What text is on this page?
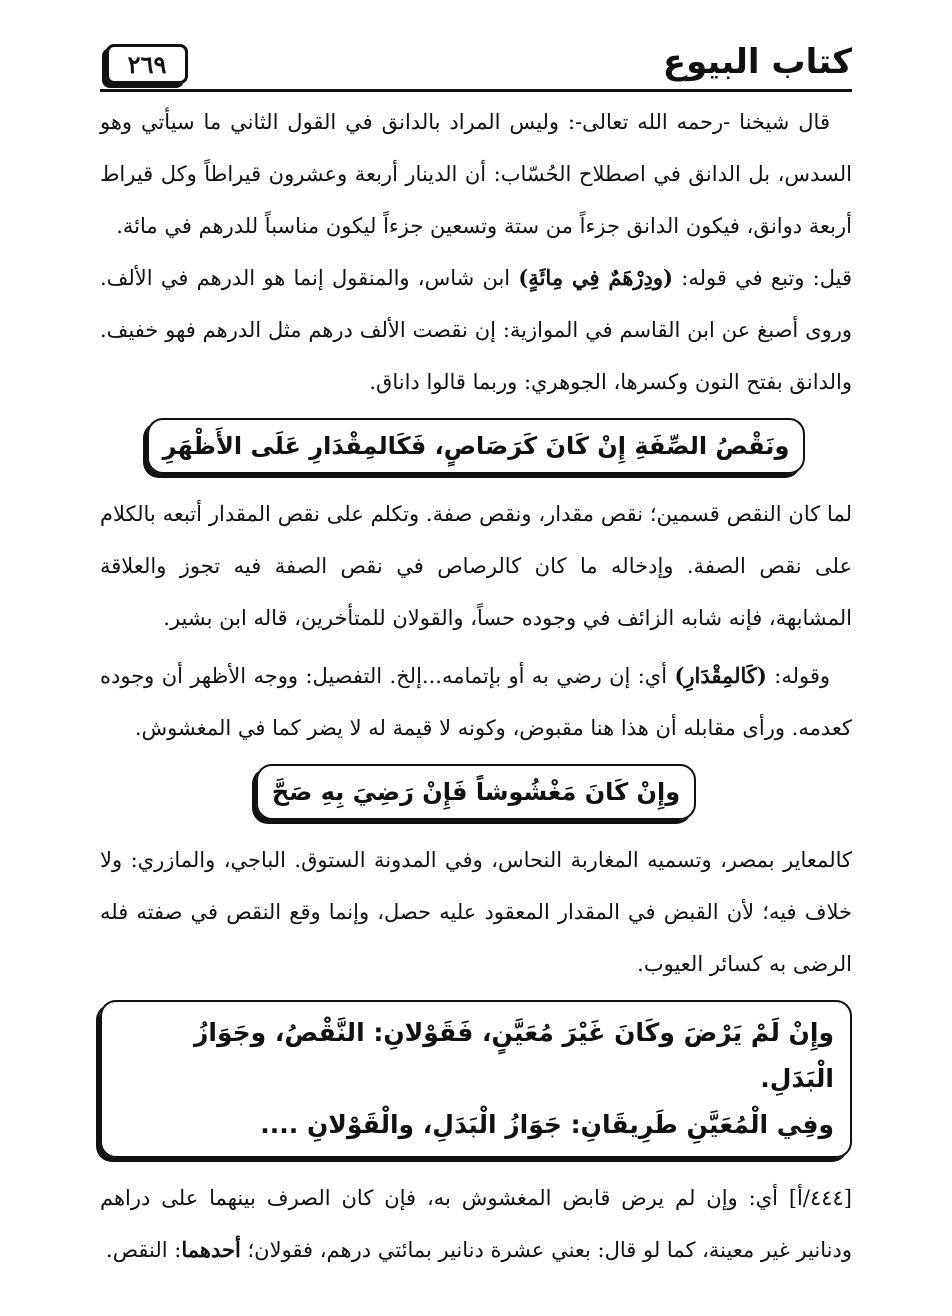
كتاب البيوع
٢٦٩

قال شيخنا -رحمه الله تعالى-: وليس المراد بالدانق في القول الثاني ما سيأتي وهو السدس، بل الدانق في اصطلاح الحُسّاب: أن الدينار أربعة وعشرون قيراطاً وكل قيراط أربعة دوانق، فيكون الدانق جزءاً من ستة وتسعين جزءاً ليكون مناسباً للدرهم في مائة.

قيل: وتبع في قوله: (ودِرْهَمٌ فِي مِائَةٍ) ابن شاس، والمنقول إنما هو الدرهم في الألف. وروى أصبغ عن ابن القاسم في الموازية: إن نقصت الألف درهم مثل الدرهم فهو خفيف. والدانق بفتح النون وكسرها، الجوهري: وربما قالوا داناق.

ونَقْصُ الصِّفَةِ إِنْ كَانَ كَرَصَاصٍ، فَكَالمِقْدَارِ عَلَى الأَظْهَرِ

لما كان النقص قسمين؛ نقص مقدار، ونقص صفة. وتكلم على نقص المقدار أتبعه بالكلام على نقص الصفة. وإدخاله ما كان كالرصاص في نقص الصفة فيه تجوز والعلاقة المشابهة، فإنه شابه الزائف في وجوده حساً، والقولان للمتأخرين، قاله ابن بشير.

وقوله: (كَالمِقْدَارِ) أي: إن رضي به أو بإتمامه...إلخ. التفصيل: ووجه الأظهر أن وجوده كعدمه. ورأى مقابله أن هذا هنا مقبوض، وكونه لا قيمة له لا يضر كما في المغشوش.

وإِنْ كَانَ مَغْشُوشاً فَإِنْ رَضِيَ بِهِ صَحَّ

كالمعاير بمصر، وتسميه المغاربة النحاس، وفي المدونة الستوق. الباجي، والمازري: ولا خلاف فيه؛ لأن القبض في المقدار المعقود عليه حصل، وإنما وقع النقص في صفته فله الرضى به كسائر العيوب.

وإِنْ لَمْ يَرْضَ وكَانَ غَيْرَ مُعَيَّنٍ، فَقَوْلانِ: النَّقْصُ، وجَوَازُ الْبَدَلِ.
وفِي الْمُعَيَّنِ طَرِيقَانِ: جَوَازُ الْبَدَلِ، والْقَوْلانِ ....

[٤٤٤/أ] أي: وإن لم يرض قابض المغشوش به، فإن كان الصرف بينهما على دراهم ودنانير غير معينة، كما لو قال: بعني عشرة دنانير بمائتي درهم، فقولان؛ أحدهما: النقص.
